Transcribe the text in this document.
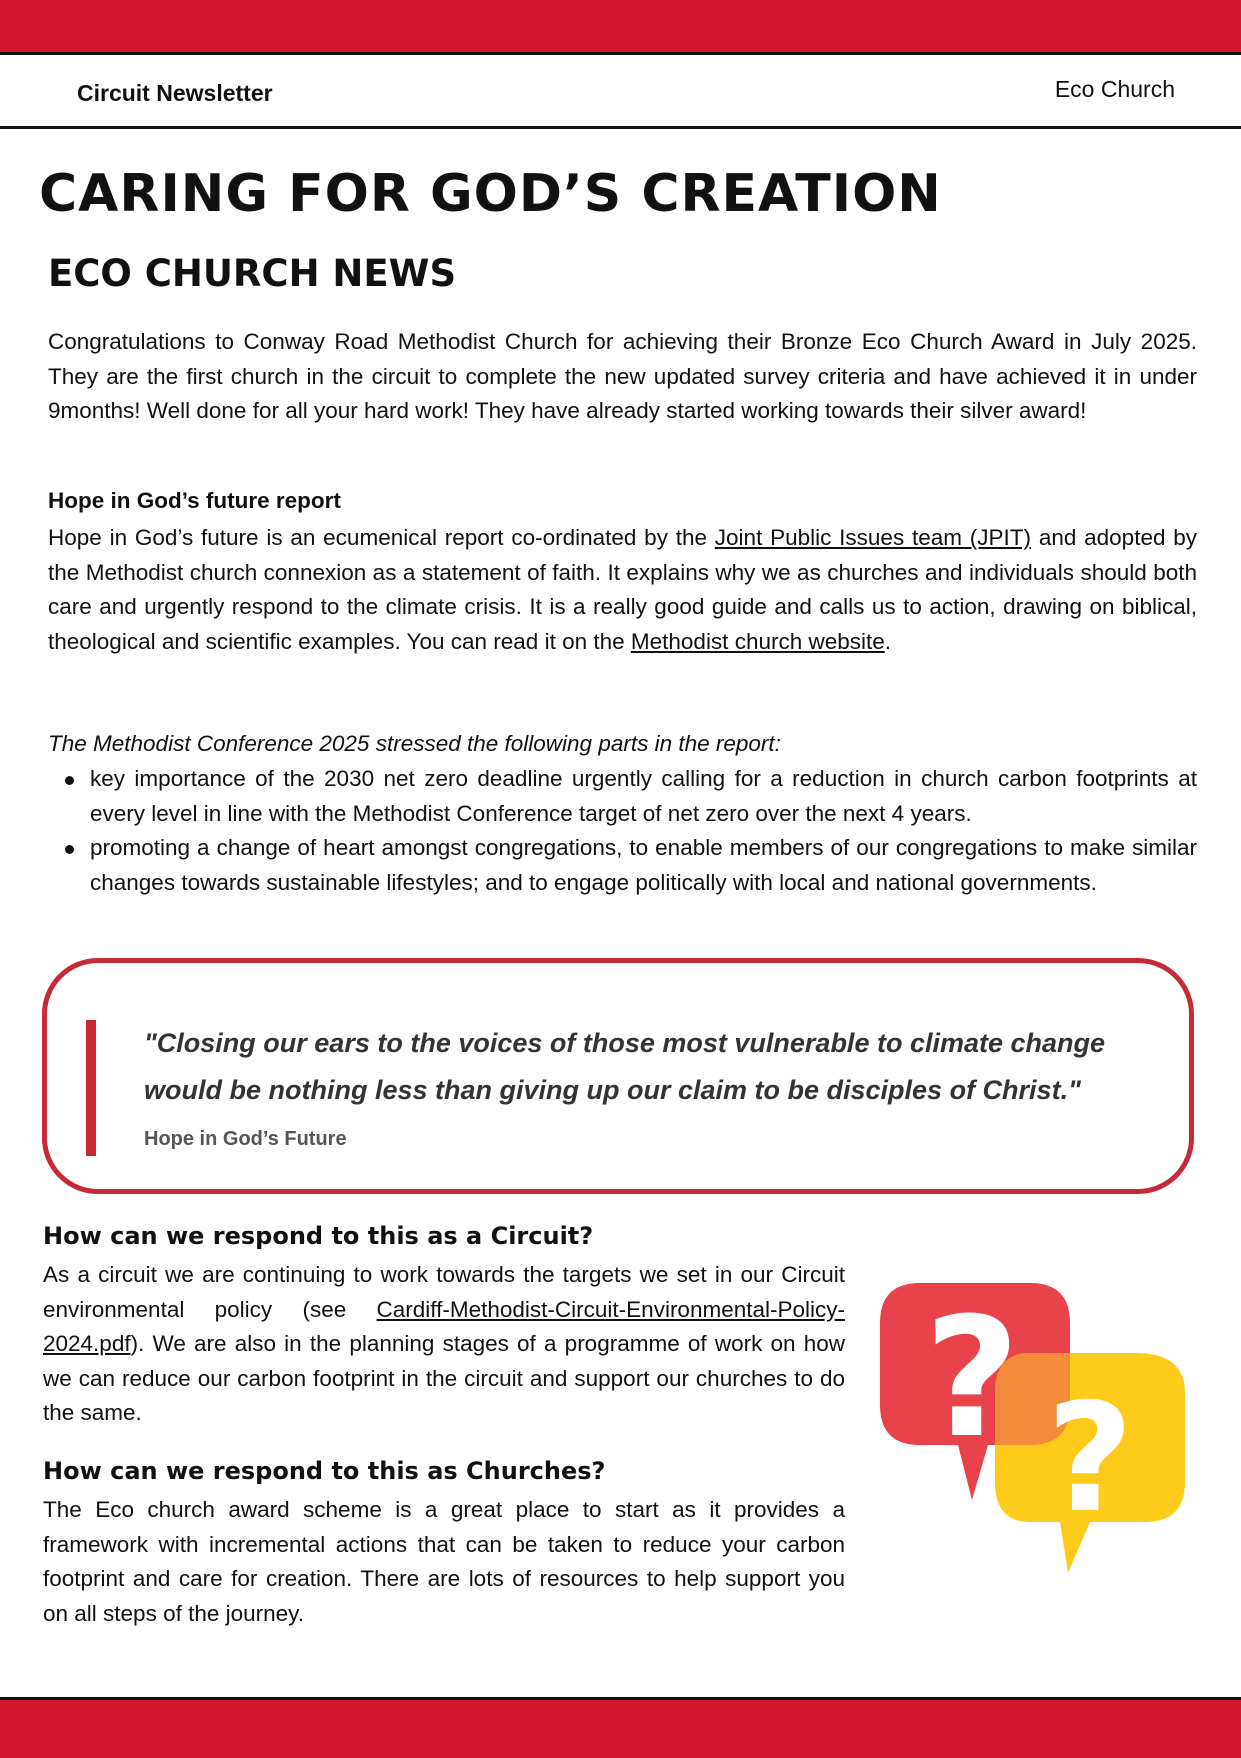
Circuit Newsletter	Eco Church
CARING FOR GOD’S CREATION
ECO CHURCH NEWS

Congratulations to Conway Road Methodist Church for achieving their Bronze Eco Church Award in July 2025. They are the first church in the circuit to complete the new updated survey criteria and have achieved it in under 9months! Well done for all your hard work! They have already started working towards their silver award!

Hope in God’s future report

Hope in God’s future is an ecumenical report co-ordinated by the Joint Public Issues team (JPIT) and adopted by the Methodist church connexion as a statement of faith. It explains why we as churches and individuals should both care and urgently respond to the climate crisis. It is a really good guide and calls us to action, drawing on biblical, theological and scientific examples. You can read it on the Methodist church website.

The Methodist Conference 2025 stressed the following parts in the report:

key importance of the 2030 net zero deadline urgently calling for a reduction in church carbon footprints at every level in line with the Methodist Conference target of net zero over the next 4 years.
promoting a change of heart amongst congregations, to enable members of our congregations to make similar changes towards sustainable lifestyles; and to engage politically with local and national governments.

"Closing our ears to the voices of those most vulnerable to climate change would be nothing less than giving up our claim to be disciples of Christ."

Hope in God’s Future
How can we respond to this as a Circuit?

As a circuit we are continuing to work towards the targets we set in our Circuit environmental policy (see Cardiff-Methodist-Circuit-Environmental-Policy-2024.pdf). We are also in the planning stages of a programme of work on how we can reduce our carbon footprint in the circuit and support our churches to do the same.

How can we respond to this as Churches?

The Eco church award scheme is a great place to start as it provides a framework with incremental actions that can be taken to reduce your carbon footprint and care for creation. There are lots of resources to help support you on all steps of the journey.

? ?
